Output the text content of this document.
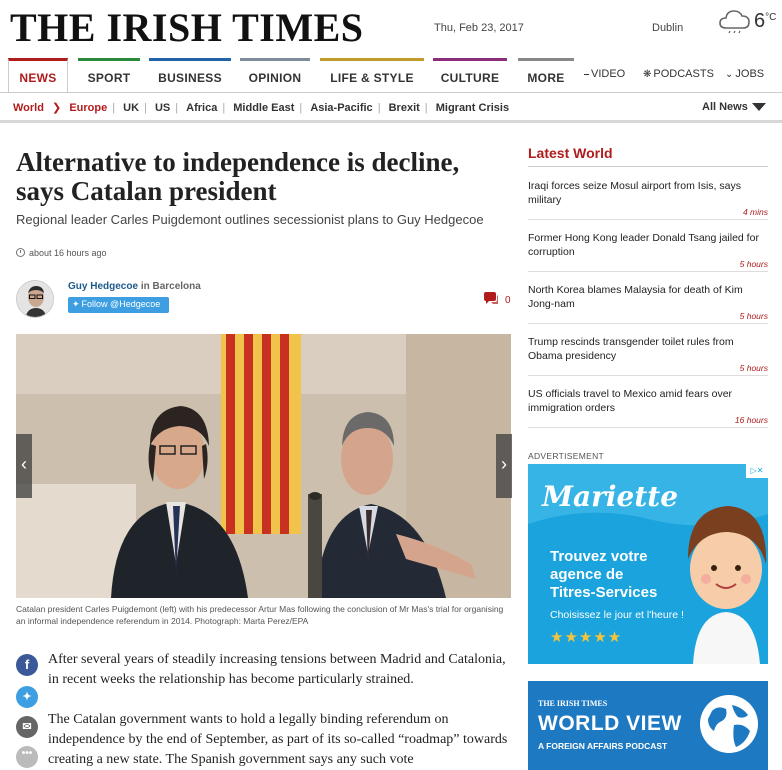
THE IRISH TIMES	Thu, Feb 23, 2017	Dublin	$6^{^\circ C}$
NEWS	SPORT	BUSINESS	OPINION	LIFE & STYLE	CULTURE	MORE	⎯ VIDEO ❋ PODCASTS ⌄ JOBS
World ❯ Europe | UK | US | Africa | Middle East | Asia-Pacific | Brexit | Migrant Crisis	All News
Alternative to independence is decline, says Catalan president
Regional leader Carles Puigdemont outlines secessionist plans to Guy Hedgecoe
about 16 hours ago
Guy Hedgecoe in Barcelona
✦ Follow @Hedgecoe	0
‹	›
Catalan president Carles Puigdemont (left) with his predecessor Artur Mas following the conclusion of Mr Mas's trial for organising an informal independence referendum in 2014. Photograph: Marta Perez/EPA
f
✦
✉
•••

After several years of steadily increasing tensions between Madrid and Catalonia, in recent weeks the relationship has become particularly strained.

The Catalan government wants to hold a legally binding referendum on independence by the end of September, as part of its so-called “roadmap” towards creating a new state. The Spanish government says any such vote

Latest World
Iraqi forces seize Mosul airport from Isis, says military
4 mins
Former Hong Kong leader Donald Tsang jailed for corruption
5 hours
North Korea blames Malaysia for death of Kim Jong-nam
5 hours
Trump rescinds transgender toilet rules from Obama presidency
5 hours
US officials travel to Mexico amid fears over immigration orders
16 hours
ADVERTISEMENT
Mariette
Trouvez votre
agence de
Titres-Services
Choisissez le jour et l'heure !
★★★★★
▷✕
THE IRISH TIMES
WORLD VIEW
A FOREIGN AFFAIRS PODCAST
